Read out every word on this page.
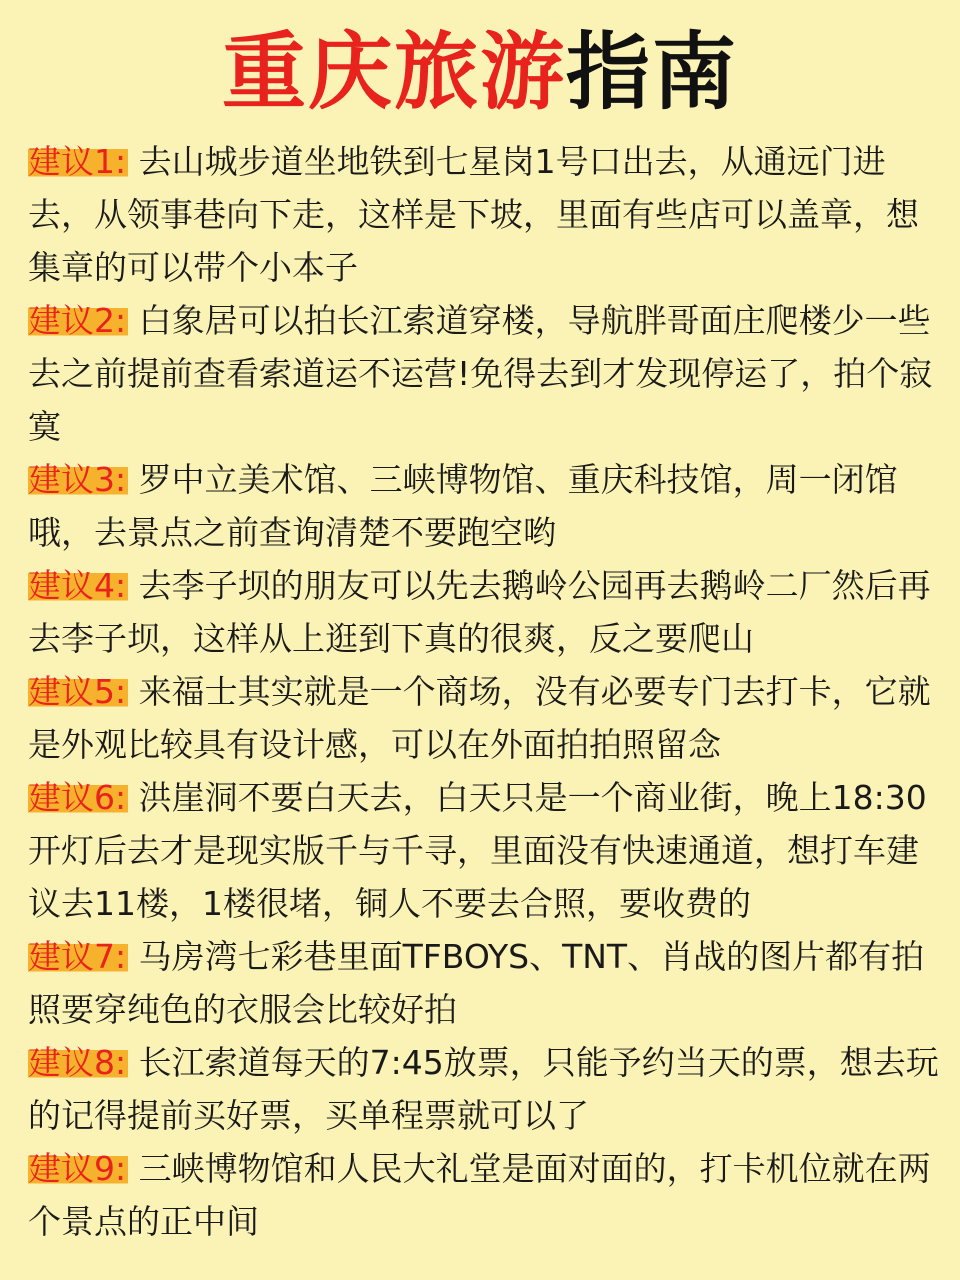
重庆旅游指南

建议1: 去山城步道坐地铁到七星岗1号口出去，从通远门进去，从领事巷向下走，这样是下坡，里面有些店可以盖章，想集章的可以带个小本子

建议2: 白象居可以拍长江索道穿楼，导航胖哥面庄爬楼少一些去之前提前查看索道运不运营!免得去到才发现停运了，拍个寂寞

建议3: 罗中立美术馆、三峡博物馆、重庆科技馆，周一闭馆哦，去景点之前查询清楚不要跑空哟

建议4: 去李子坝的朋友可以先去鹅岭公园再去鹅岭二厂然后再去李子坝，这样从上逛到下真的很爽，反之要爬山

建议5: 来福士其实就是一个商场，没有必要专门去打卡，它就是外观比较具有设计感，可以在外面拍拍照留念

建议6: 洪崖洞不要白天去，白天只是一个商业街，晚上18:30开灯后去才是现实版千与千寻，里面没有快速通道，想打车建议去11楼，1楼很堵，铜人不要去合照，要收费的

建议7: 马房湾七彩巷里面TFBOYS、TNT、肖战的图片都有拍照要穿纯色的衣服会比较好拍

建议8: 长江索道每天的7:45放票，只能予约当天的票，想去玩的记得提前买好票，买单程票就可以了

建议9: 三峡博物馆和人民大礼堂是面对面的，打卡机位就在两个景点的正中间
